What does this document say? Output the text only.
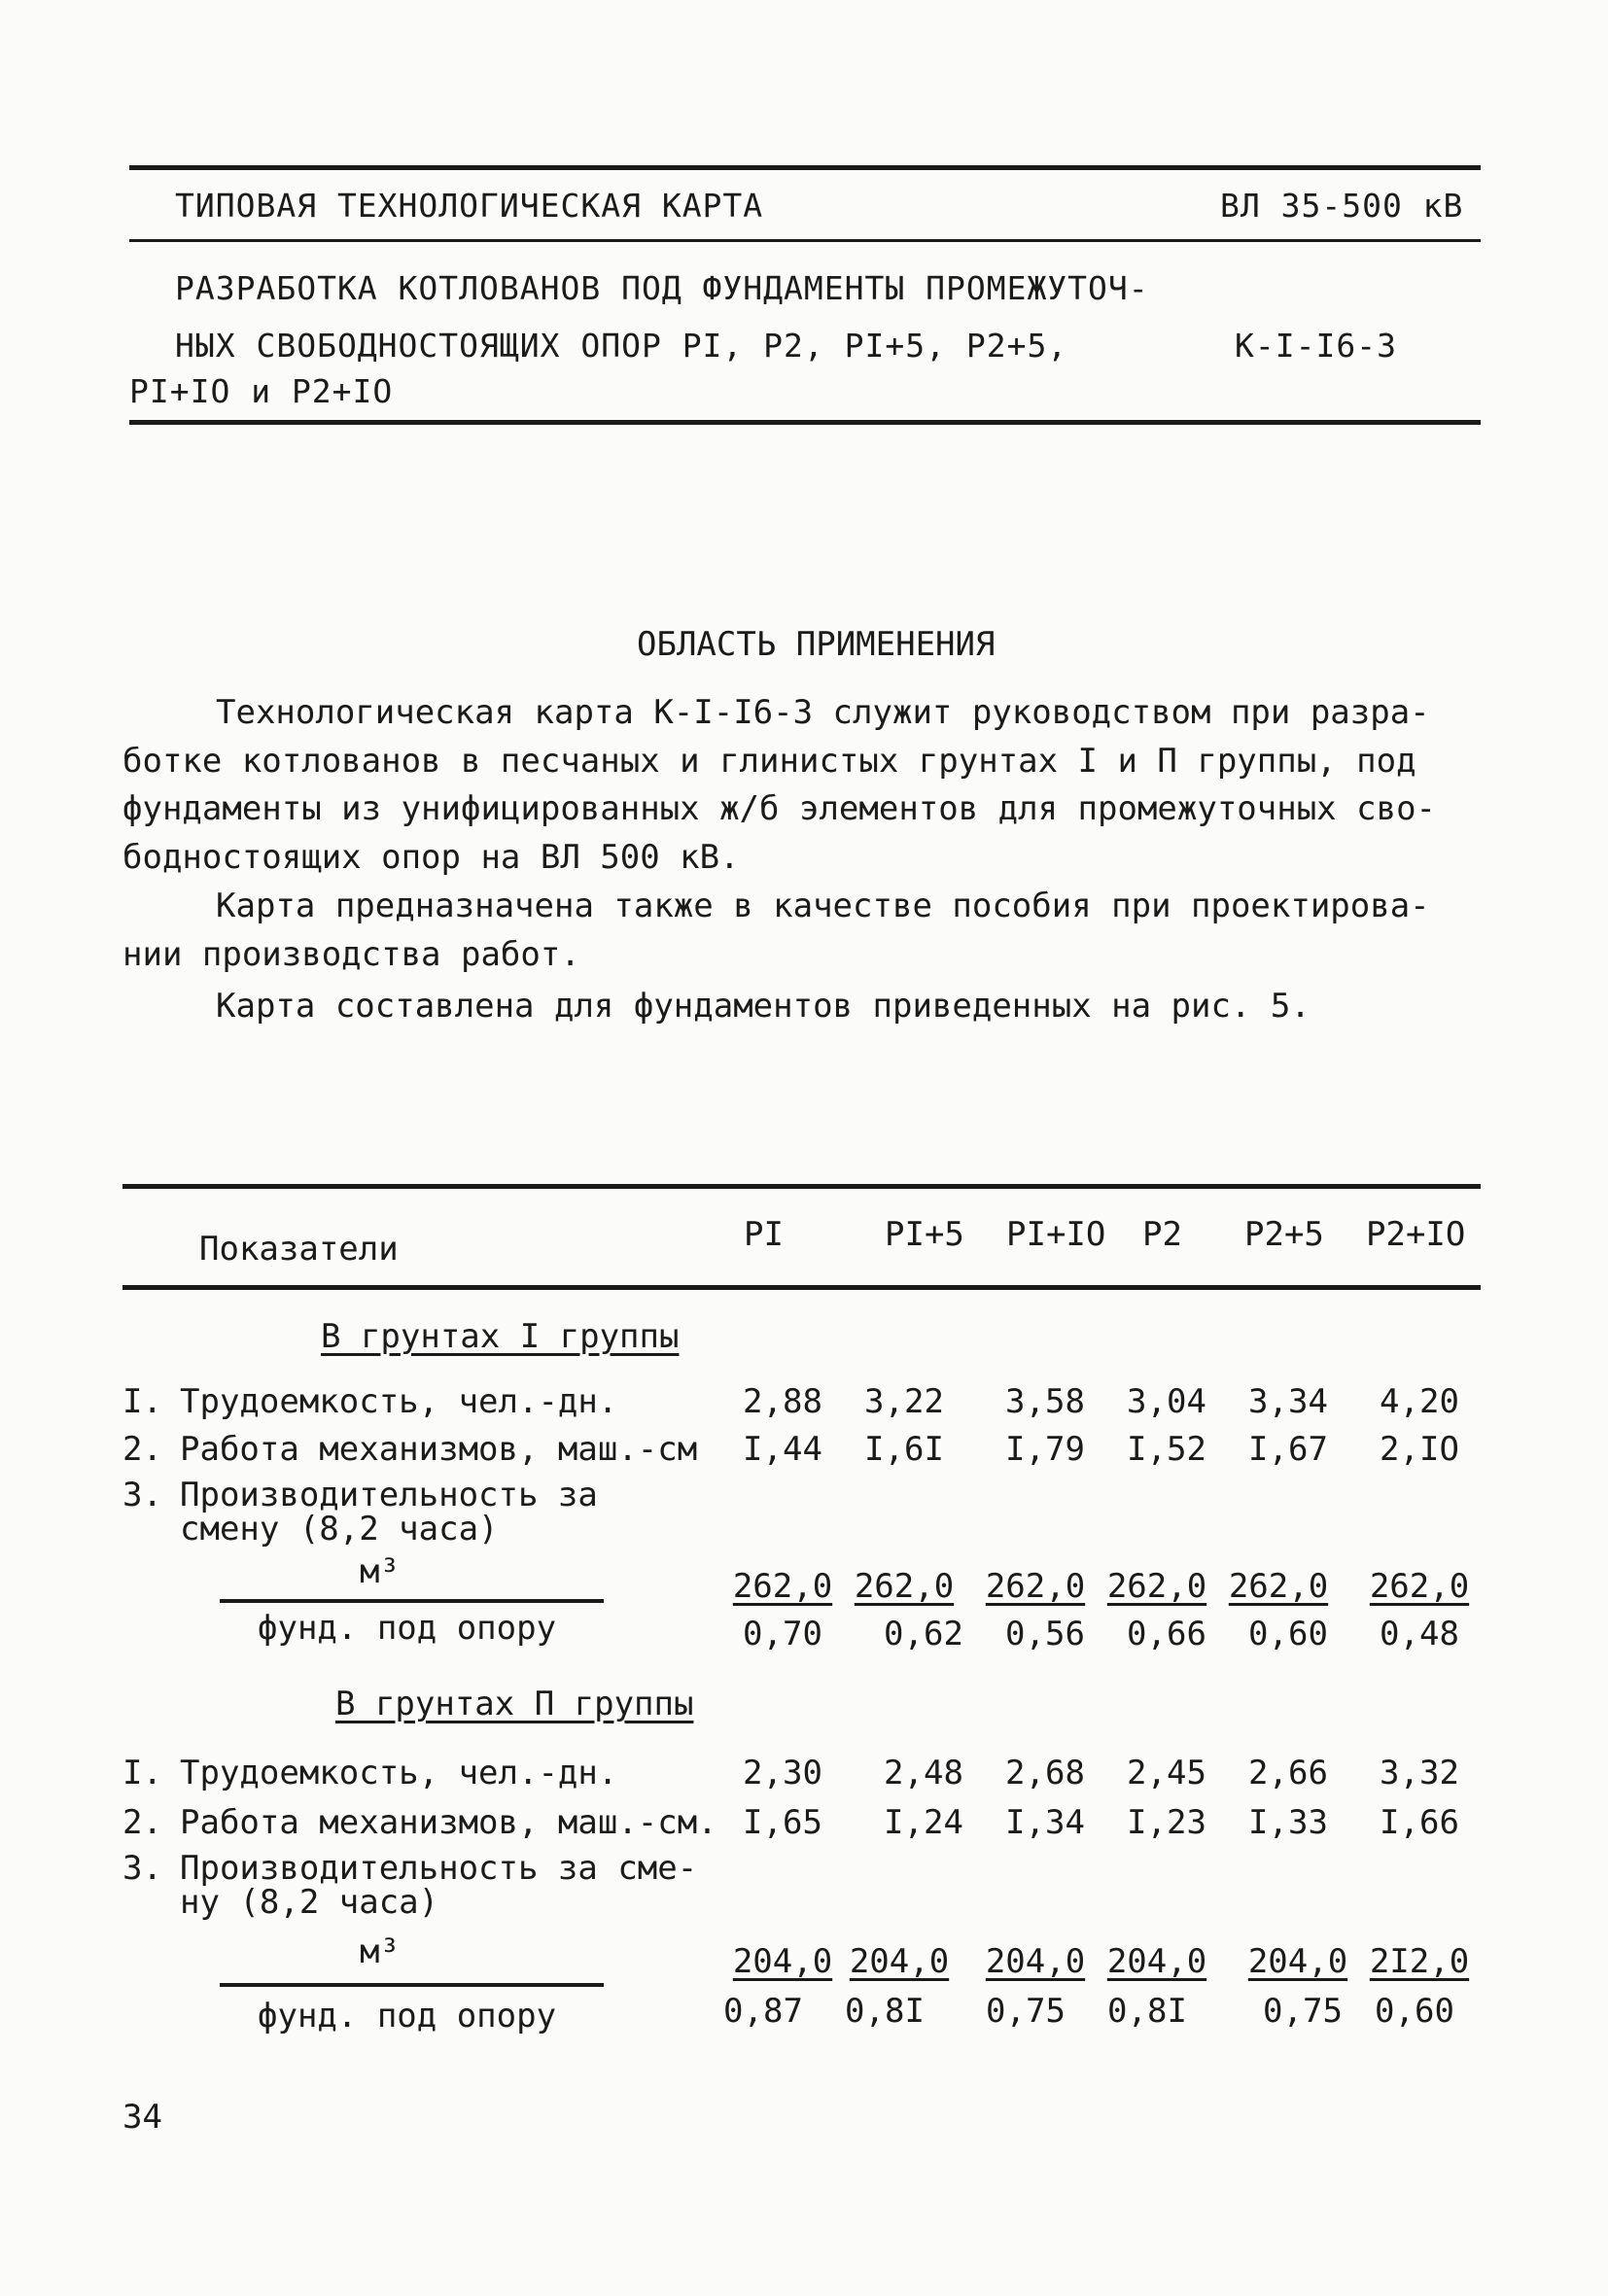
ТИПОВАЯ ТЕХНОЛОГИЧЕСКАЯ КАРТА	ВЛ 35-500 кВ
РАЗРАБОТКА КОТЛОВАНОВ ПОД ФУНДАМЕНТЫ ПРОМЕЖУТОЧ-
НЫХ СВОБОДНОСТОЯЩИХ ОПОР PI, P2, PI+5, P2+5,
PI+IO и P2+IO
К-I-I6-3
ОБЛАСТЬ ПРИМЕНЕНИЯ
Технологическая карта К-I-I6-3 служит руководством при разра-
ботке котлованов в песчаных и глинистых грунтах I и П группы, под
фундаменты из унифицированных ж/б элементов для промежуточных сво-
бодностоящих опор на ВЛ 500 кВ.
Карта предназначена также в качестве пособия при проектирова-
нии производства работ.
Карта составлена для фундаментов приведенных на рис. 5.
Показатели	PI	PI+5 PI+IO P2 P2+5 P2+IO
В грунтах I группы
I. Трудоемкость, чел.-дн.	2,88	3,22	3,58	3,04	3,34	4,20
2. Работа механизмов, маш.-см	I,44	I,6I	I,79	I,52	I,67	2,IO
3. Производительность за
смену (8,2 часа)
м³
фунд. под опору
262,0 262,0 262,0 262,0 262,0 262,0
0,70	0,62	0,56	0,66	0,60	0,48
В грунтах П группы
I. Трудоемкость, чел.-дн.	2,30	2,48	2,68	2,45	2,66	3,32
2. Работа механизмов, маш.-см. I,65	I,24	I,34	I,23	I,33	I,66
3. Производительность за сме-
ну (8,2 часа)
м³
фунд. под опору
204,0 204,0 204,0 204,0 204,0 2I2,0
0,87	0,8I	0,75	0,8I	0,75 0,60
34
